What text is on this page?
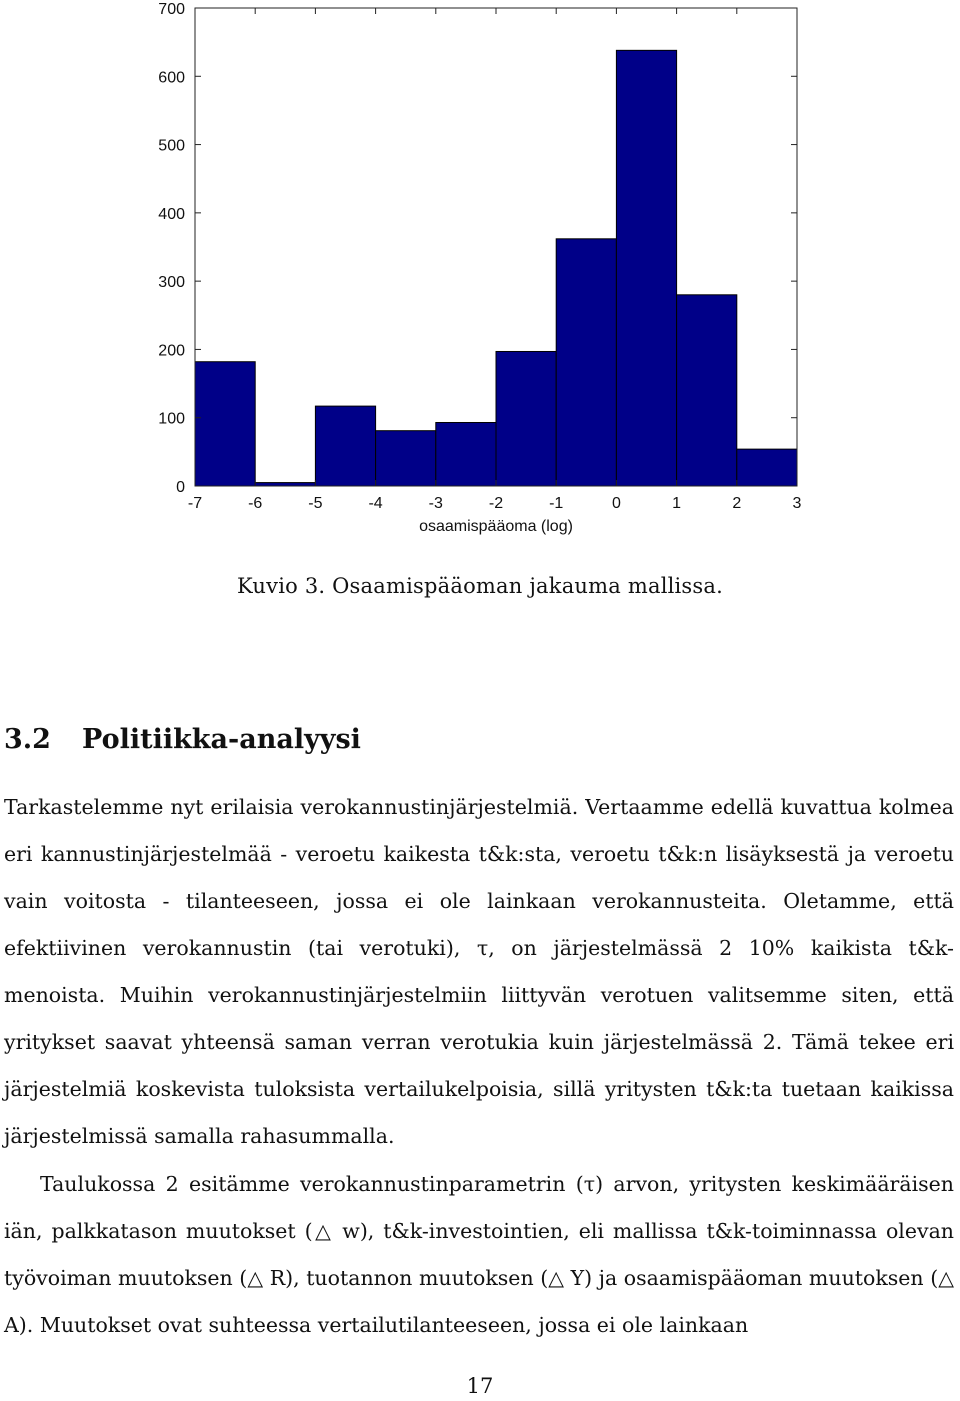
-7	-6	-5	-4	-3	-2	-1	0	1	2	3
0
100
200
300
400
500
600
700
osaamispääoma (log)
Kuvio 3. Osaamispääoman jakauma mallissa.
3.2 Politiikka-analyysi

Tarkastelemme nyt erilaisia verokannustinjärjestelmiä. Vertaamme edellä kuvattua kolmea eri kannustinjärjestelmää - veroetu kaikesta t&k:sta, veroetu t&k:n lisäyksestä ja veroetu vain voitosta - tilanteeseen, jossa ei ole lainkaan verokannusteita. Oletamme, että efektiivinen verokannustin (tai verotuki), τ, on järjestelmässä 2 10% kaikista t&k-menoista. Muihin verokannustinjärjestelmiin liittyvän verotuen valitsemme siten, että yritykset saavat yhteensä saman verran verotukia kuin järjestelmässä 2. Tämä tekee eri järjestelmiä koskevista tuloksista vertailukelpoisia, sillä yritysten t&k:ta tuetaan kaikissa järjestelmissä samalla rahasummalla.

Taulukossa 2 esitämme verokannustinparametrin (τ) arvon, yritysten keskimääräisen iän, palkkatason muutokset (△ w), t&k-investointien, eli mallissa t&k-toiminnassa olevan työvoiman muutoksen (△ R), tuotannon muutoksen (△ Y) ja osaamispääoman muutoksen (△ A). Muutokset ovat suhteessa vertailutilanteeseen, jossa ei ole lainkaan

17
